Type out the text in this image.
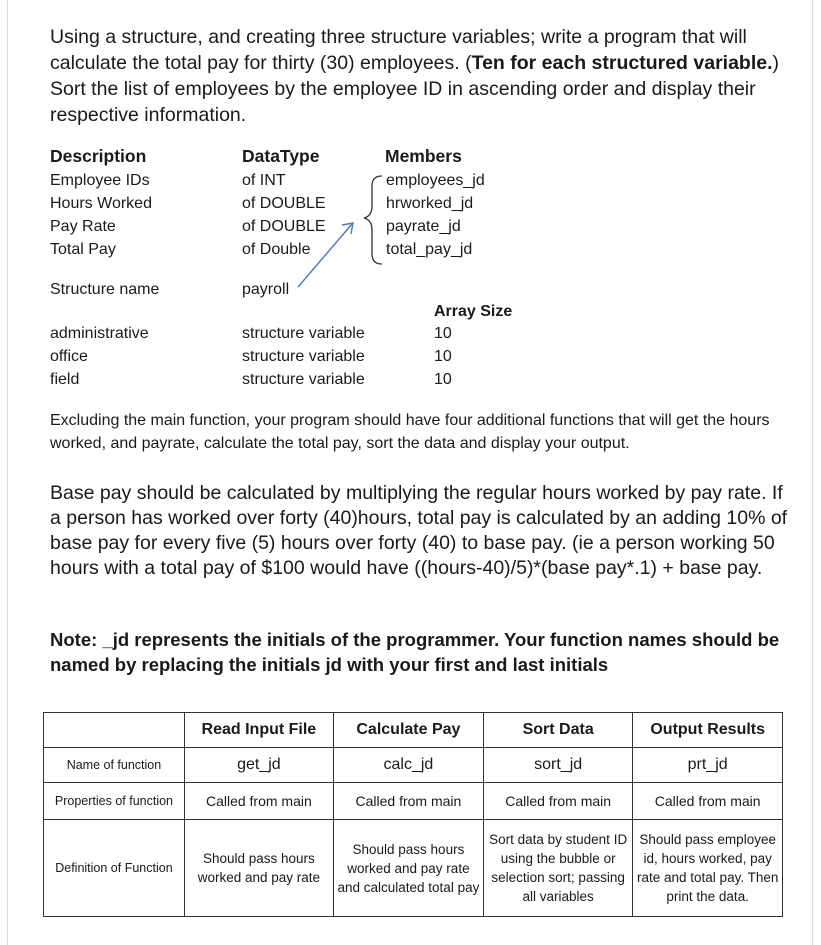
Using a structure, and creating three structure variables; write a program that will calculate the total pay for thirty (30) employees. (Ten for each structured variable.) Sort the list of employees by the employee ID in ascending order and display their respective information.
Description	DataType	Members
Employee IDs	of INT	employees_jd
Hours Worked	of DOUBLE	hrworked_jd
Pay Rate	of DOUBLE	payrate_jd
Total Pay	of Double	total_pay_jd
Structure name	payroll
Array Size
administrative	structure variable	10
office	structure variable	10
field	structure variable	10
Excluding the main function, your program should have four additional functions that will get the hours worked, and payrate, calculate the total pay, sort the data and display your output.
Base pay should be calculated by multiplying the regular hours worked by pay rate. If a person has worked over forty (40)hours, total pay is calculated by an adding 10% of base pay for every five (5) hours over forty (40) to base pay. (ie a person working 50 hours with a total pay of $100 would have ((hours-40)/5)*(base pay*.1) + base pay.
Note: _jd represents the initials of the programmer. Your function names should be named by replacing the initials jd with your first and last initials
	Read Input File	Calculate Pay	Sort Data	Output Results
Name of function	get_jd	calc_jd	sort_jd	prt_jd
Properties of function	Called from main	Called from main	Called from main	Called from main
Definition of Function	Should pass hours worked and pay rate	Should pass hours worked and pay rate and calculated total pay	Sort data by student ID using the bubble or selection sort; passing all variables	Should pass employee id, hours worked, pay rate and total pay. Then print the data.
